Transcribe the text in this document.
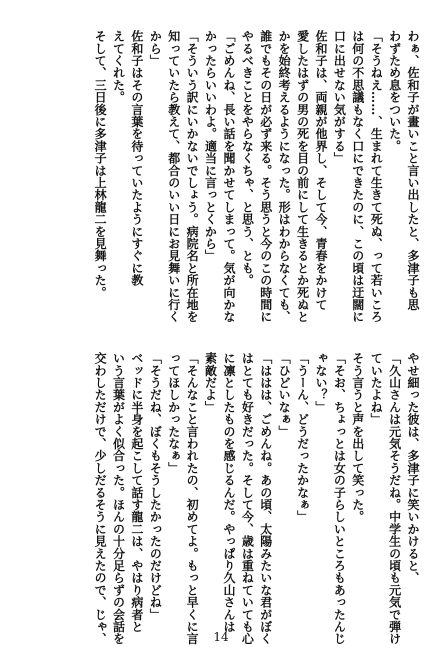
わぁ、佐和子が畫いこと言い出したと、多津子も思
わずため息をついた。
「そうねえ……、生まれて生きて死ぬ、って若いころ
は何の不思議もなく口にできたのに、この頃は迂闊に
口に出せない気がする」
佐和子は、両親が他界し、そして今、青春をかけて
愛したはずの男の死を目の前にして生きるとか死ぬと
かを始終考えるようになった。形はわからなくても、
誰でもその日が必ず来る。そう思うと今のこの時間に
やるべきことをやらなくちゃ、と思う、とも。
「ごめんね、長い話を聞かせてしまって。気が向かな
かったらいいわよ。適当に言っとくから」
「そういう訳にいかないでしょう。病院名と所在地を
知っていたら教えて、都合のいい日にお見舞いに行く
から」
佐和子はその言葉を待っていたようにすぐに教
えてくれた。
そして、三日後に多津子は上林龍二を見舞った。
やせ細った彼は、多津子に笑いかけると、
「久山さんは元気そうだね。中学生の頃も元気で弾け
ていたよね」
そう言うと声を出して笑った。
「そお、ちょっとは女の子らしいところもあったんじ
ゃない？」
「うーん、どうだったかなぁ」
「ひどいなぁ」
「ははは、ごめんね。あの頃、太陽みたいな君がぼく
はとても好きだった。そして今、歳は重ねていても心
に凛としたものを感じるんだ。やっぱり久山さんは
素敵だよ」
「そんなこと言われたの、初めてよ。もっと早くに言
ってほしかったなぁ」
「そうだね、ぼくもそうしたかったのだけどね」
ベッドに半身を起こして話す龍二は、やはり病者と
いう言葉がよく似合った。ほんの十分足らずの会話を
交わしただけで、少しだるそうに見えたので、じゃ、	14
